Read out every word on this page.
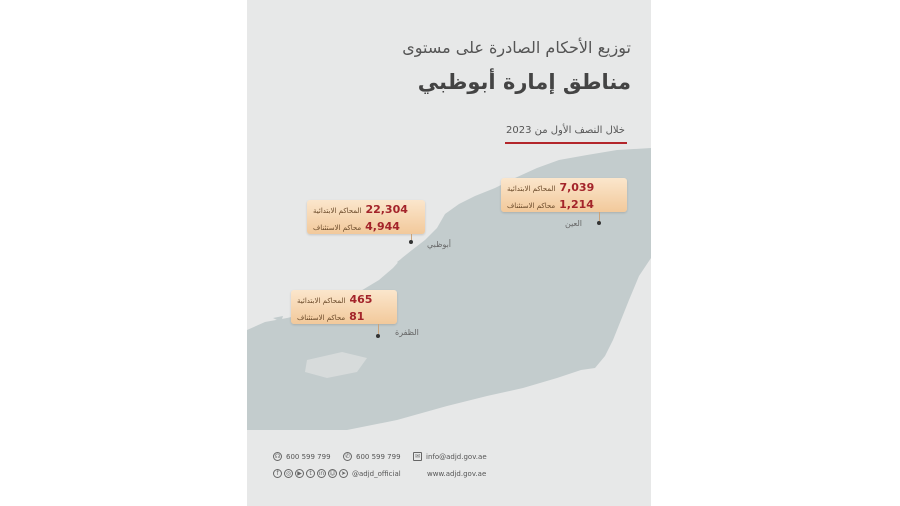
توزيع الأحكام الصادرة على مستوى
مناطق إمارة أبوظبي
خلال النصف الأول من 2023
المحاكم الابتدائية 7,039
محاكم الاستئناف 1,214
العين
المحاكم الابتدائية 22,304
محاكم الاستئناف 4,944
أبوظبي
المحاكم الابتدائية 465
محاكم الاستئناف 81
الظفرة
☊ 600 599 799	✆ 600 599 799	✉ info@adjd.gov.ae
f	◎	▶	t	in ☺ ➤ @adjd_official	www.adjd.gov.ae
